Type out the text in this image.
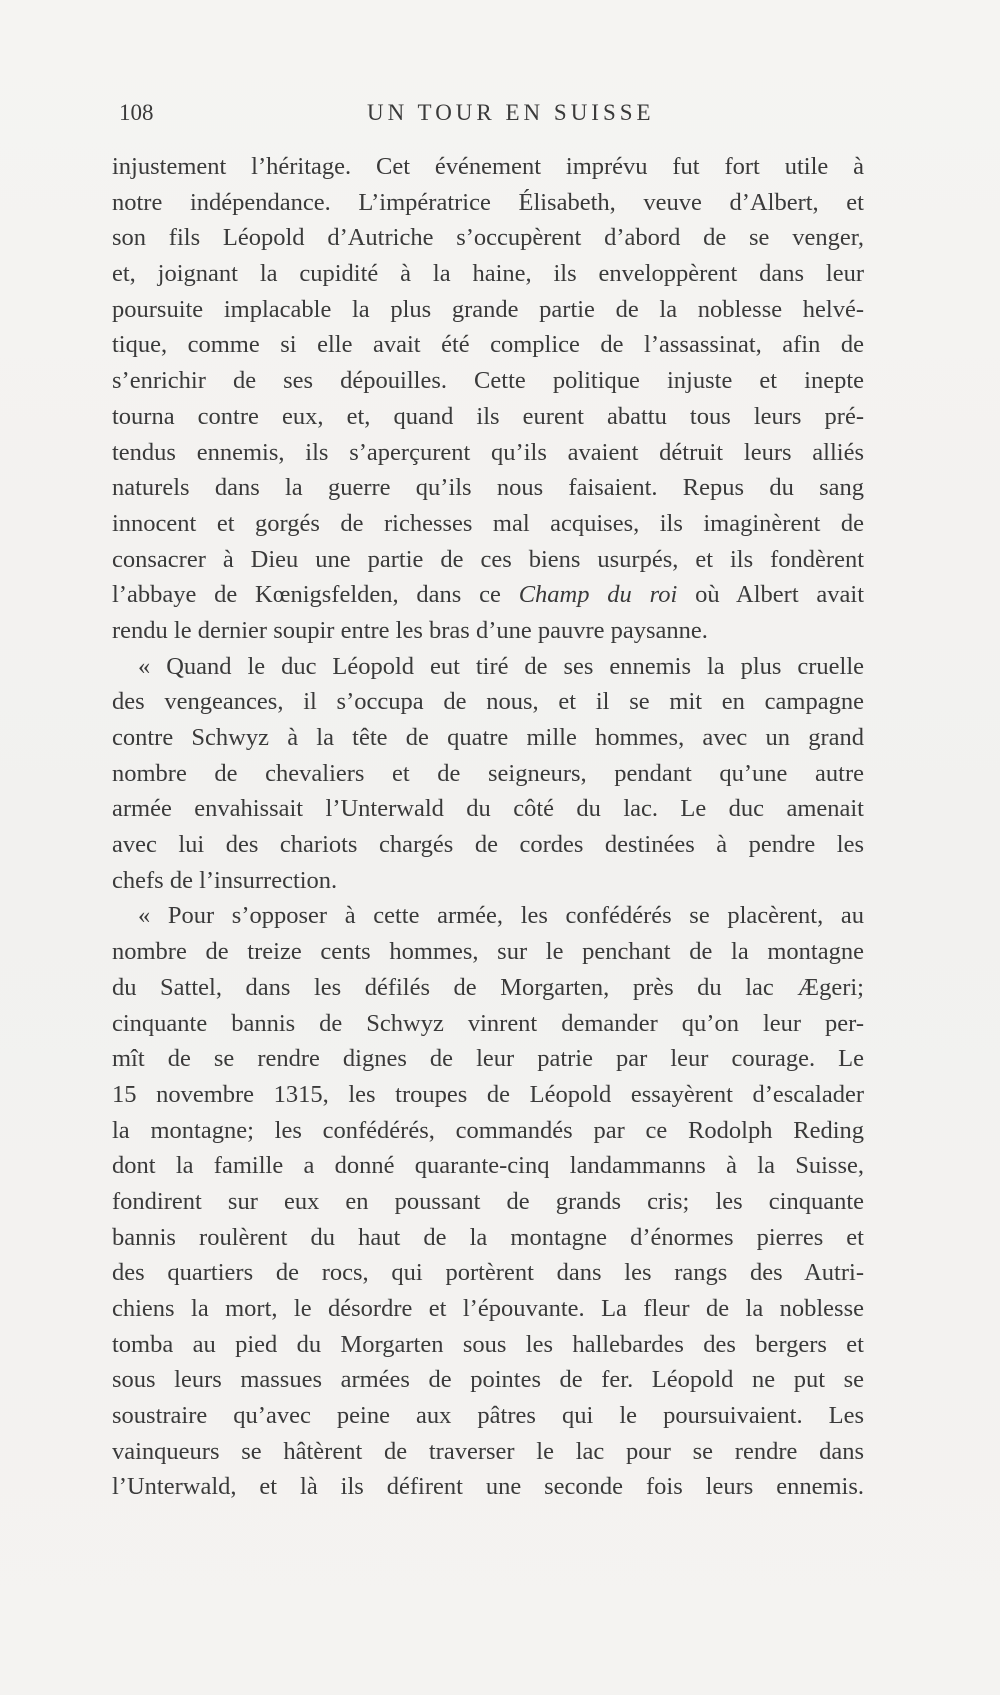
108	UN TOUR EN SUISSE
injustement l’héritage. Cet événement imprévu fut fort utile à
notre indépendance. L’impératrice Élisabeth, veuve d’Albert, et
son fils Léopold d’Autriche s’occupèrent d’abord de se venger,
et, joignant la cupidité à la haine, ils enveloppèrent dans leur
poursuite implacable la plus grande partie de la noblesse helvé-
tique, comme si elle avait été complice de l’assassinat, afin de
s’enrichir de ses dépouilles. Cette politique injuste et inepte
tourna contre eux, et, quand ils eurent abattu tous leurs pré-
tendus ennemis, ils s’aperçurent qu’ils avaient détruit leurs alliés
naturels dans la guerre qu’ils nous faisaient. Repus du sang
innocent et gorgés de richesses mal acquises, ils imaginèrent de
consacrer à Dieu une partie de ces biens usurpés, et ils fondèrent
l’abbaye de Kœnigsfelden, dans ce Champ du roi où Albert avait
rendu le dernier soupir entre les bras d’une pauvre paysanne.
« Quand le duc Léopold eut tiré de ses ennemis la plus cruelle
des vengeances, il s’occupa de nous, et il se mit en campagne
contre Schwyz à la tête de quatre mille hommes, avec un grand
nombre de chevaliers et de seigneurs, pendant qu’une autre
armée envahissait l’Unterwald du côté du lac. Le duc amenait
avec lui des chariots chargés de cordes destinées à pendre les
chefs de l’insurrection.
« Pour s’opposer à cette armée, les confédérés se placèrent, au
nombre de treize cents hommes, sur le penchant de la montagne
du Sattel, dans les défilés de Morgarten, près du lac Ægeri;
cinquante bannis de Schwyz vinrent demander qu’on leur per-
mît de se rendre dignes de leur patrie par leur courage. Le
15 novembre 1315, les troupes de Léopold essayèrent d’escalader
la montagne; les confédérés, commandés par ce Rodolph Reding
dont la famille a donné quarante-cinq landammanns à la Suisse,
fondirent sur eux en poussant de grands cris; les cinquante
bannis roulèrent du haut de la montagne d’énormes pierres et
des quartiers de rocs, qui portèrent dans les rangs des Autri-
chiens la mort, le désordre et l’épouvante. La fleur de la noblesse
tomba au pied du Morgarten sous les hallebardes des bergers et
sous leurs massues armées de pointes de fer. Léopold ne put se
soustraire qu’avec peine aux pâtres qui le poursuivaient. Les
vainqueurs se hâtèrent de traverser le lac pour se rendre dans
l’Unterwald, et là ils défirent une seconde fois leurs ennemis.
